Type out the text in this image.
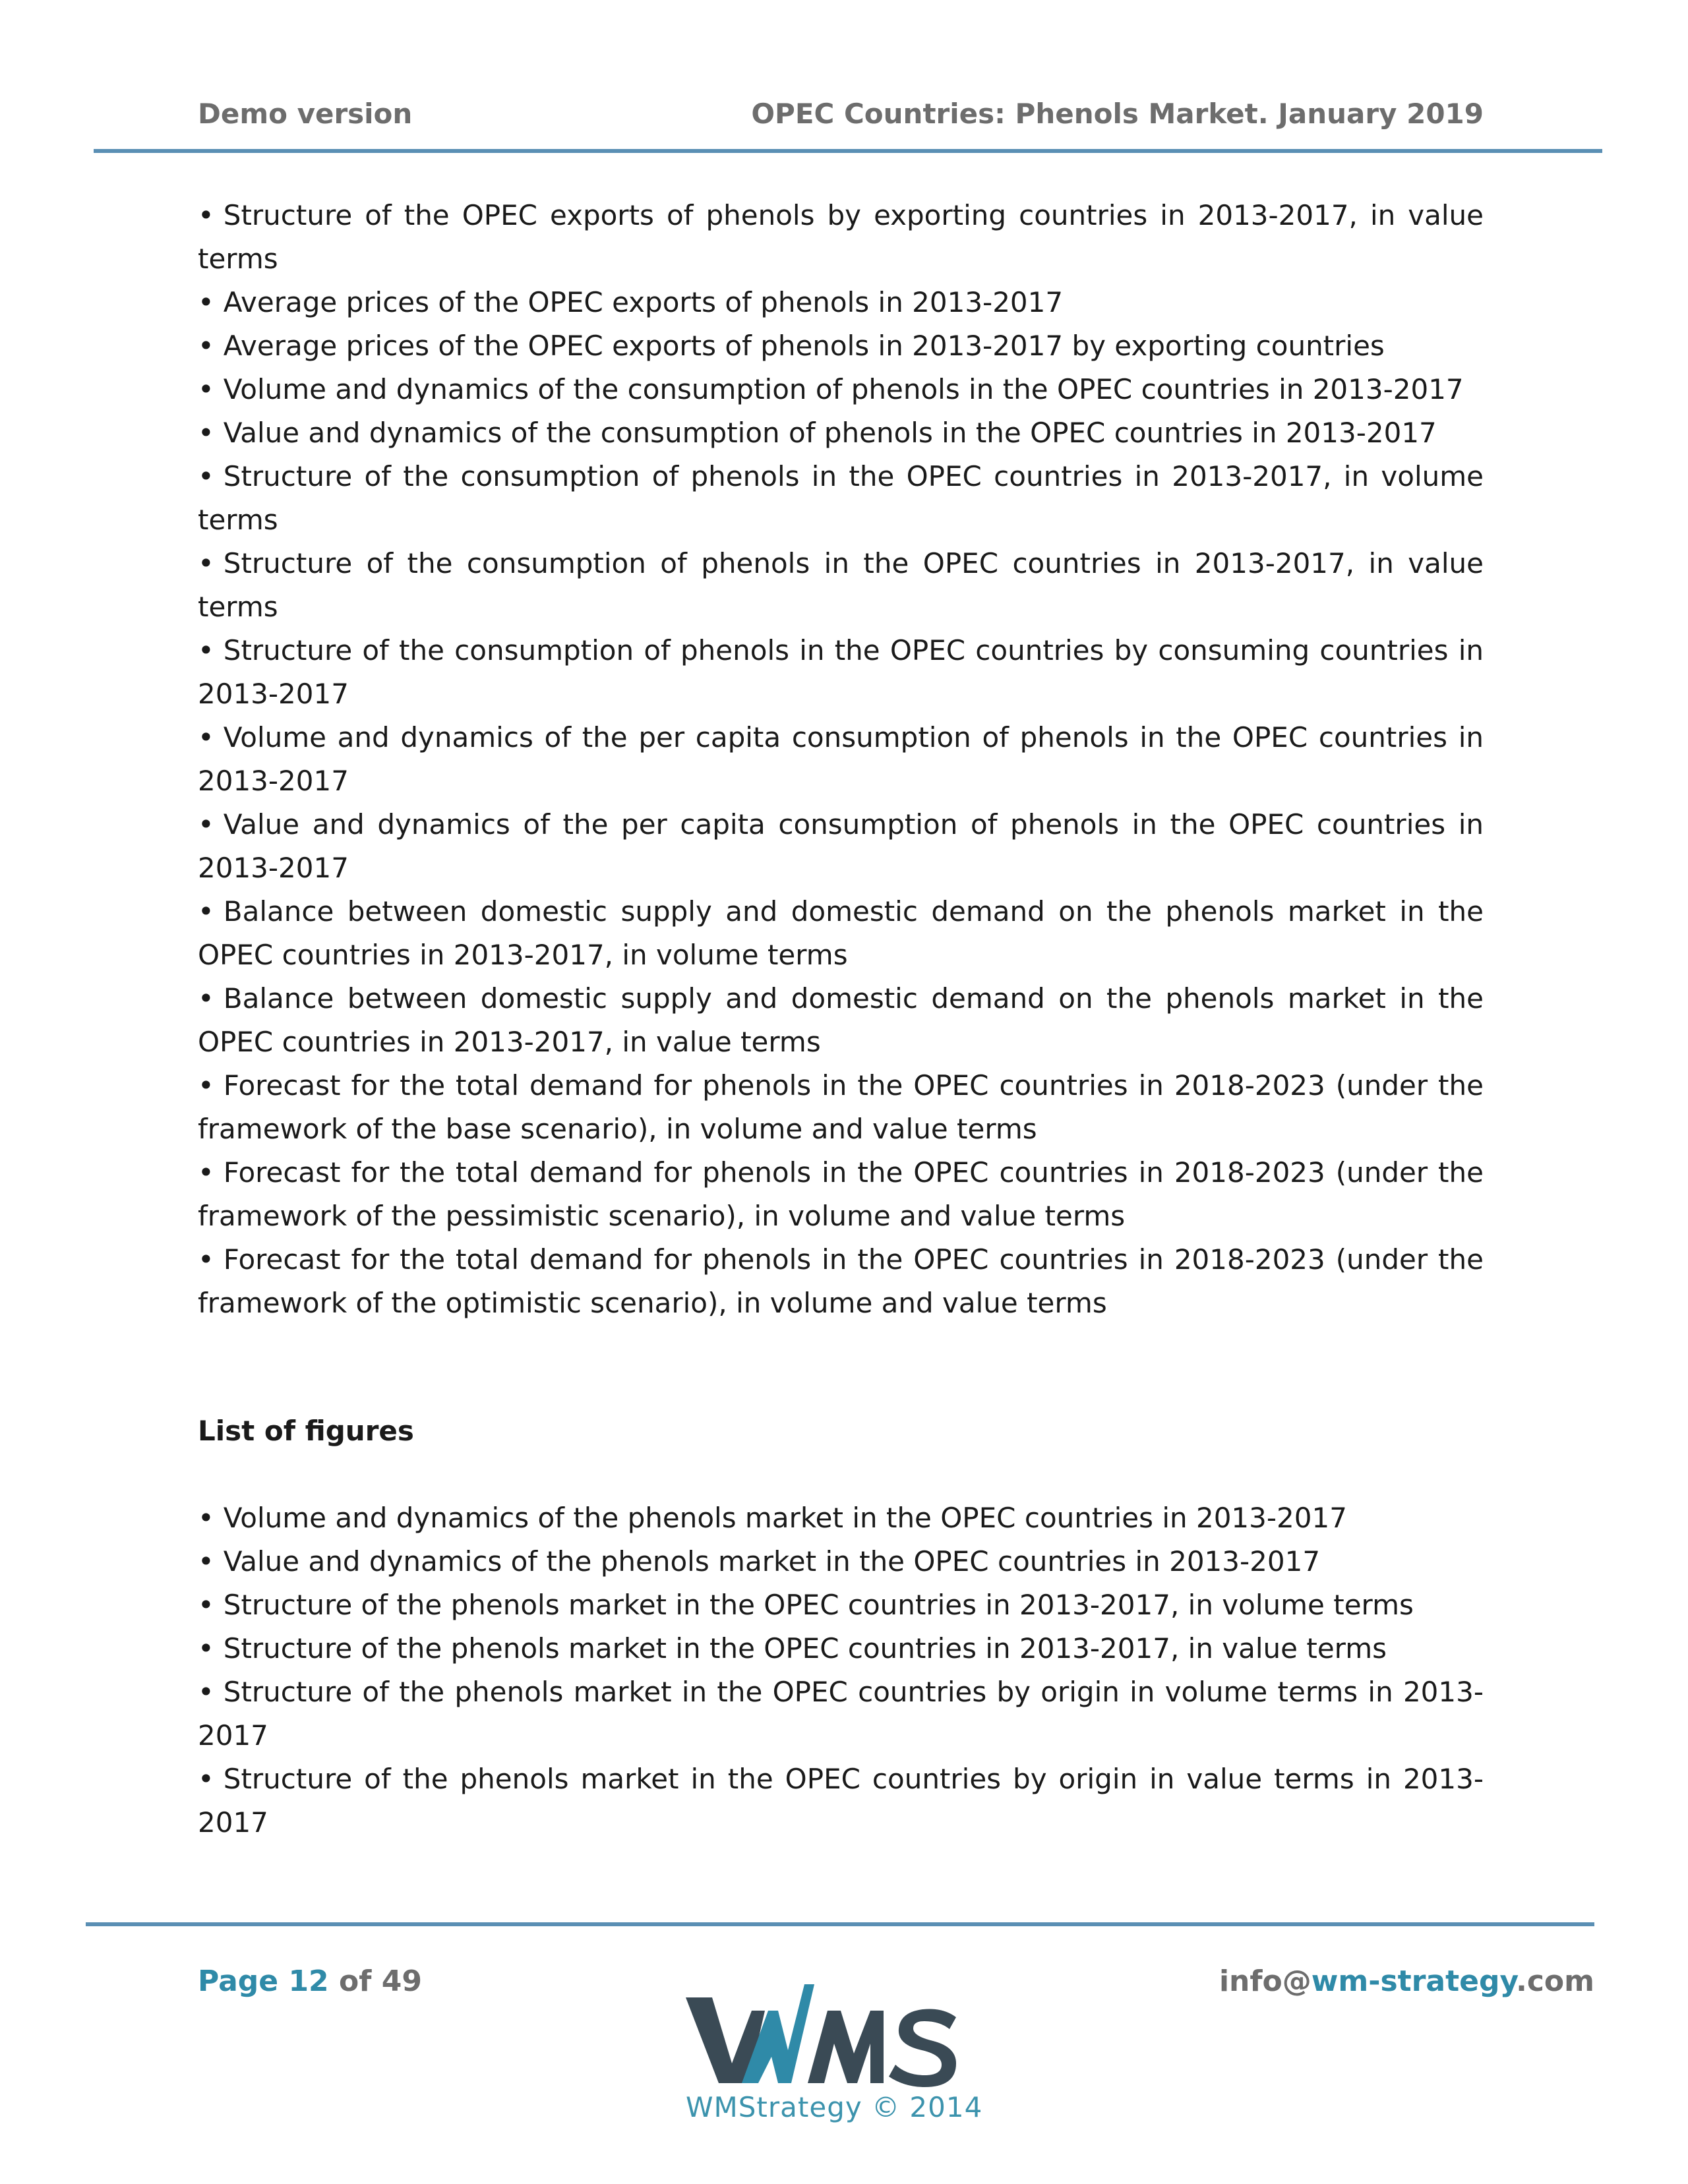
Demo version	OPEC Countries: Phenols Market. January 2019
• Structure of the OPEC exports of phenols by exporting countries in 2013-2017, in value terms
• Average prices of the OPEC exports of phenols in 2013-2017
• Average prices of the OPEC exports of phenols in 2013-2017 by exporting countries
• Volume and dynamics of the consumption of phenols in the OPEC countries in 2013-2017
• Value and dynamics of the consumption of phenols in the OPEC countries in 2013-2017
• Structure of the consumption of phenols in the OPEC countries in 2013-2017, in volume terms
• Structure of the consumption of phenols in the OPEC countries in 2013-2017, in value terms
• Structure of the consumption of phenols in the OPEC countries by consuming countries in 2013-2017
• Volume and dynamics of the per capita consumption of phenols in the OPEC countries in 2013-2017
• Value and dynamics of the per capita consumption of phenols in the OPEC countries in 2013-2017
• Balance between domestic supply and domestic demand on the phenols market in the OPEC countries in 2013-2017, in volume terms
• Balance between domestic supply and domestic demand on the phenols market in the OPEC countries in 2013-2017, in value terms
• Forecast for the total demand for phenols in the OPEC countries in 2018-2023 (under the framework of the base scenario), in volume and value terms
• Forecast for the total demand for phenols in the OPEC countries in 2018-2023 (under the framework of the pessimistic scenario), in volume and value terms
• Forecast for the total demand for phenols in the OPEC countries in 2018-2023 (under the framework of the optimistic scenario), in volume and value terms
List of figures
• Volume and dynamics of the phenols market in the OPEC countries in 2013-2017
• Value and dynamics of the phenols market in the OPEC countries in 2013-2017
• Structure of the phenols market in the OPEC countries in 2013-2017, in volume terms
• Structure of the phenols market in the OPEC countries in 2013-2017, in value terms
• Structure of the phenols market in the OPEC countries by origin in volume terms in 2013-2017
• Structure of the phenols market in the OPEC countries by origin in value terms in 2013-2017
Page 12 of 49	info@wm-strategy.com
WMStrategy © 2014
